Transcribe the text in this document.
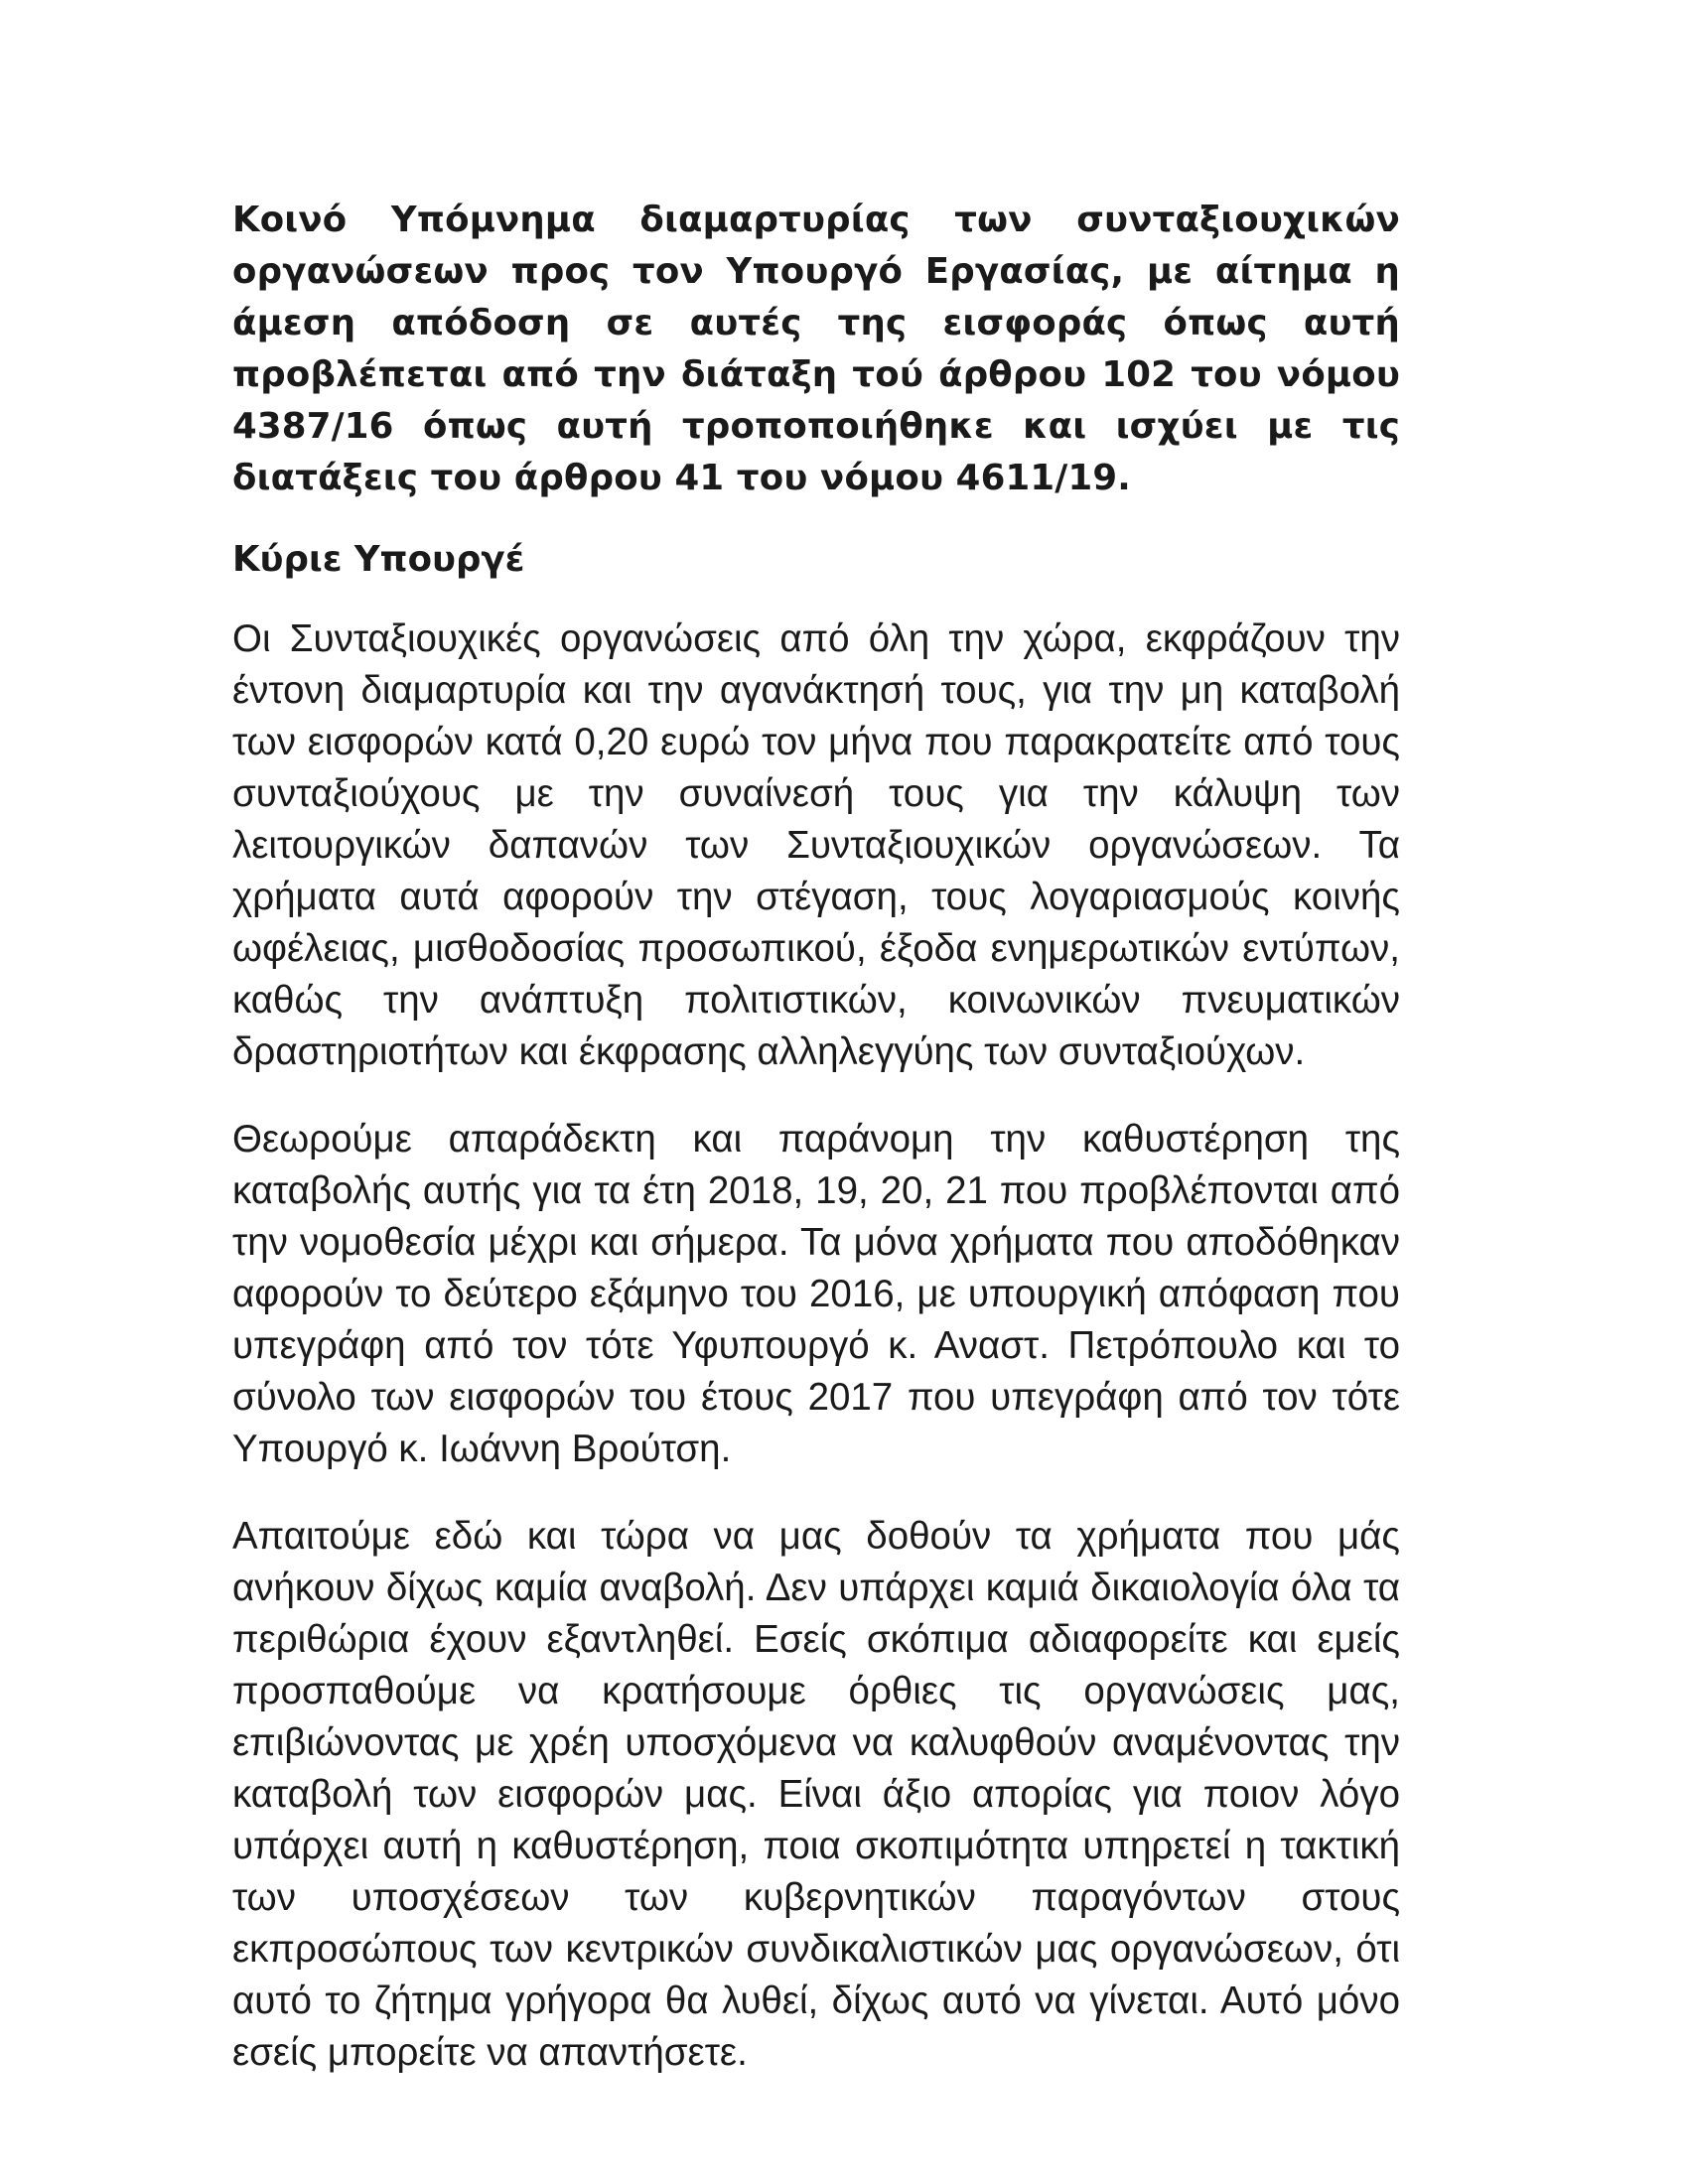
Κοινό Υπόμνημα διαμαρτυρίας των συνταξιουχικών οργανώσεων προς τον Υπουργό Εργασίας, με αίτημα η άμεση απόδοση σε αυτές της εισφοράς όπως αυτή προβλέπεται από την διάταξη τού άρθρου 102 του νόμου 4387/16 όπως αυτή τροποποιήθηκε και ισχύει με τις διατάξεις του άρθρου 41 του νόμου 4611/19.

Κύριε Υπουργέ

Οι Συνταξιουχικές οργανώσεις από όλη την χώρα, εκφράζουν την έντονη διαμαρτυρία και την αγανάκτησή τους, για την μη καταβολή των εισφορών κατά 0,20 ευρώ τον μήνα που παρακρατείτε από τους συνταξιούχους με την συναίνεσή τους για την κάλυψη των λειτουργικών δαπανών των Συνταξιουχικών οργανώσεων. Τα χρήματα αυτά αφορούν την στέγαση, τους λογαριασμούς κοινής ωφέλειας, μισθοδοσίας προσωπικού, έξοδα ενημερωτικών εντύπων, καθώς την ανάπτυξη πολιτιστικών, κοινωνικών πνευματικών δραστηριοτήτων και έκφρασης αλληλεγγύης των συνταξιούχων.

Θεωρούμε απαράδεκτη και παράνομη την καθυστέρηση της καταβολής αυτής για τα έτη 2018, 19, 20, 21 που προβλέπονται από την νομοθεσία μέχρι και σήμερα. Τα μόνα χρήματα που αποδόθηκαν αφορούν το δεύτερο εξάμηνο του 2016, με υπουργική απόφαση που υπεγράφη από τον τότε Υφυπουργό κ. Αναστ. Πετρόπουλο και το σύνολο των εισφορών του έτους 2017 που υπεγράφη από τον τότε Υπουργό κ. Ιωάννη Βρούτση.

Απαιτούμε εδώ και τώρα να μας δοθούν τα χρήματα που μάς ανήκουν δίχως καμία αναβολή. Δεν υπάρχει καμιά δικαιολογία όλα τα περιθώρια έχουν εξαντληθεί. Εσείς σκόπιμα αδιαφορείτε και εμείς προσπαθούμε να κρατήσουμε όρθιες τις οργανώσεις μας, επιβιώνοντας με χρέη υποσχόμενα να καλυφθούν αναμένοντας την καταβολή των εισφορών μας. Είναι άξιο απορίας για ποιον λόγο υπάρχει αυτή η καθυστέρηση, ποια σκοπιμότητα υπηρετεί η τακτική των υποσχέσεων των κυβερνητικών παραγόντων στους εκπροσώπους των κεντρικών συνδικαλιστικών μας οργανώσεων, ότι αυτό το ζήτημα γρήγορα θα λυθεί, δίχως αυτό να γίνεται. Αυτό μόνο εσείς μπορείτε να απαντήσετε.
